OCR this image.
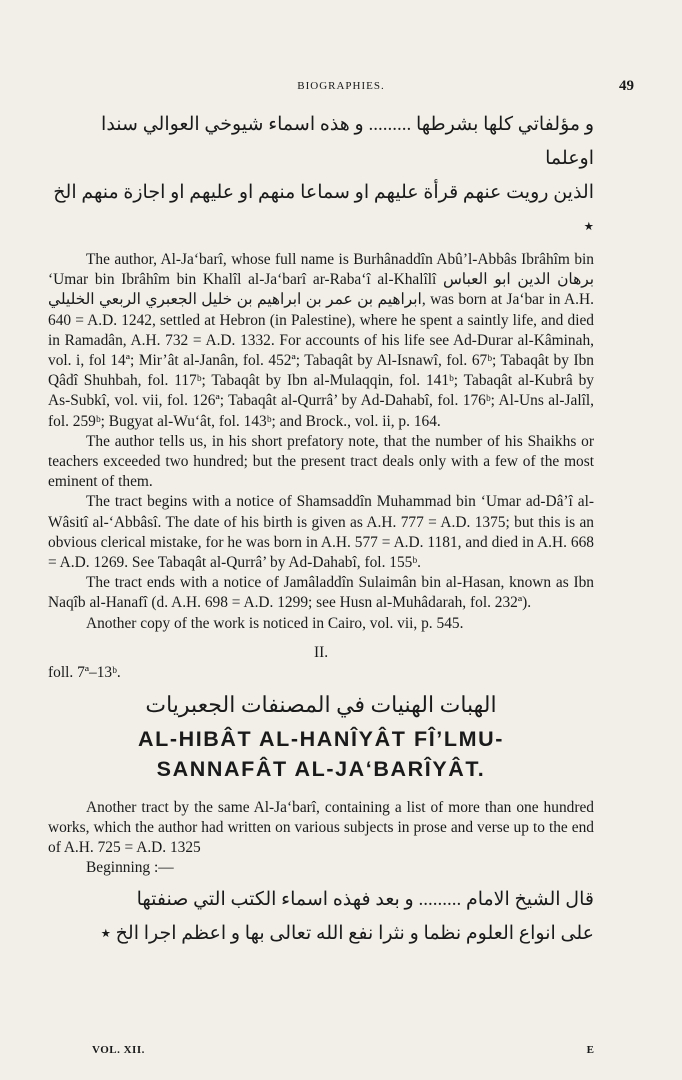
BIOGRAPHIES.	49

و مؤلفاتي كلها بشرطها ......... و هذه اسماء شيوخي العوالي سندا اوعلما

الذين رويت عنهم قرأة عليهم او سماعا منهم او عليهم او اجازة منهم الخ ٭

The author, Al-Ja‘barî, whose full name is Burhânaddîn Abû’l-Abbâs Ibrâhîm bin ‘Umar bin Ibrâhîm bin Khalîl al-Ja‘barî ar-Raba‘î al-Khalîlî برهان الدين ابو العباس ابراهيم بن عمر بن ابراهيم بن خليل الجعبري الربعي الخليلي, was born at Ja‘bar in A.H. 640 = A.D. 1242, settled at Hebron (in Palestine), where he spent a saintly life, and died in Ramadân, A.H. 732 = A.D. 1332. For accounts of his life see Ad-Durar al-Kâminah, vol. i, fol 14ª; Mir’ât al-Janân, fol. 452ª; Tabaqât by Al-Isnawî, fol. 67ᵇ; Tabaqât by Ibn Qâdî Shuhbah, fol. 117ᵇ; Tabaqât by Ibn al-Mulaqqin, fol. 141ᵇ; Tabaqât al-Kubrâ by As-Subkî, vol. vii, fol. 126ª; Tabaqât al-Qurrâ’ by Ad-Dahabî, fol. 176ᵇ; Al-Uns al-Jalîl, fol. 259ᵇ; Bugyat al-Wu‘ât, fol. 143ᵇ; and Brock., vol. ii, p. 164.

The author tells us, in his short prefatory note, that the number of his Shaikhs or teachers exceeded two hundred; but the present tract deals only with a few of the most eminent of them.

The tract begins with a notice of Shamsaddîn Muhammad bin ‘Umar ad-Dâ’î al-Wâsitî al-‘Abbâsî. The date of his birth is given as A.H. 777 = A.D. 1375; but this is an obvious clerical mistake, for he was born in A.H. 577 = A.D. 1181, and died in A.H. 668 = A.D. 1269. See Tabaqât al-Qurrâ’ by Ad-Dahabî, fol. 155ᵇ.

The tract ends with a notice of Jamâladdîn Sulaimân bin al-Hasan, known as Ibn Naqîb al-Hanafî (d. A.H. 698 = A.D. 1299; see Husn al-Muhâdarah, fol. 232ª).

Another copy of the work is noticed in Cairo, vol. vii, p. 545.

II.

foll. 7ª–13ᵇ.

الهبات الهنيات في المصنفات الجعبريات

AL-HIBÂT AL-HANÎYÂT FÎ’LMU-
SANNAFÂT AL-JA‘BARÎYÂT.

Another tract by the same Al-Ja‘barî, containing a list of more than one hundred works, which the author had written on various subjects in prose and verse up to the end of A.H. 725 = A.D. 1325

Beginning :—

قال الشيخ الامام ......... و بعد فهذه اسماء الكتب التي صنفتها

على انواع العلوم نظما و نثرا نفع الله تعالى بها و اعظم اجرا الخ ٭

VOL. XII.	E
